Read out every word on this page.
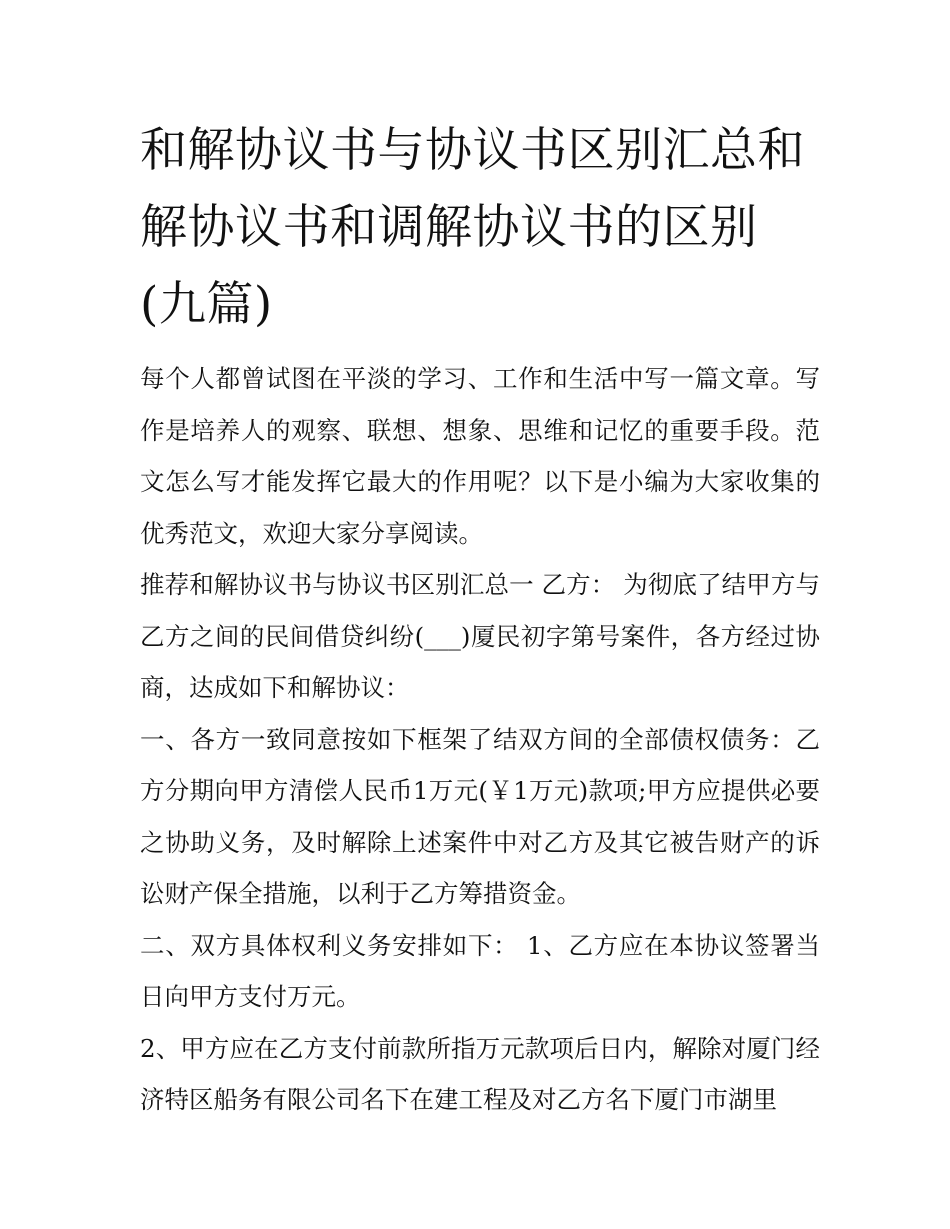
和解协议书与协议书区别汇总和解协议书和调解协议书的区别(九篇)

每个人都曾试图在平淡的学习、工作和生活中写一篇文章。写作是培养人的观察、联想、想象、思维和记忆的重要手段。范文怎么写才能发挥它最大的作用呢？以下是小编为大家收集的优秀范文，欢迎大家分享阅读。

推荐和解协议书与协议书区别汇总一 乙方： 为彻底了结甲方与乙方之间的民间借贷纠纷(___)厦民初字第号案件，各方经过协商，达成如下和解协议：

一、各方一致同意按如下框架了结双方间的全部债权债务：乙方分期向甲方清偿人民币1万元(￥1万元)款项;甲方应提供必要之协助义务，及时解除上述案件中对乙方及其它被告财产的诉讼财产保全措施，以利于乙方筹措资金。

二、双方具体权利义务安排如下： 1、乙方应在本协议签署当日向甲方支付万元。

2、甲方应在乙方支付前款所指万元款项后日内，解除对厦门经济特区船务有限公司名下在建工程及对乙方名下厦门市湖里
